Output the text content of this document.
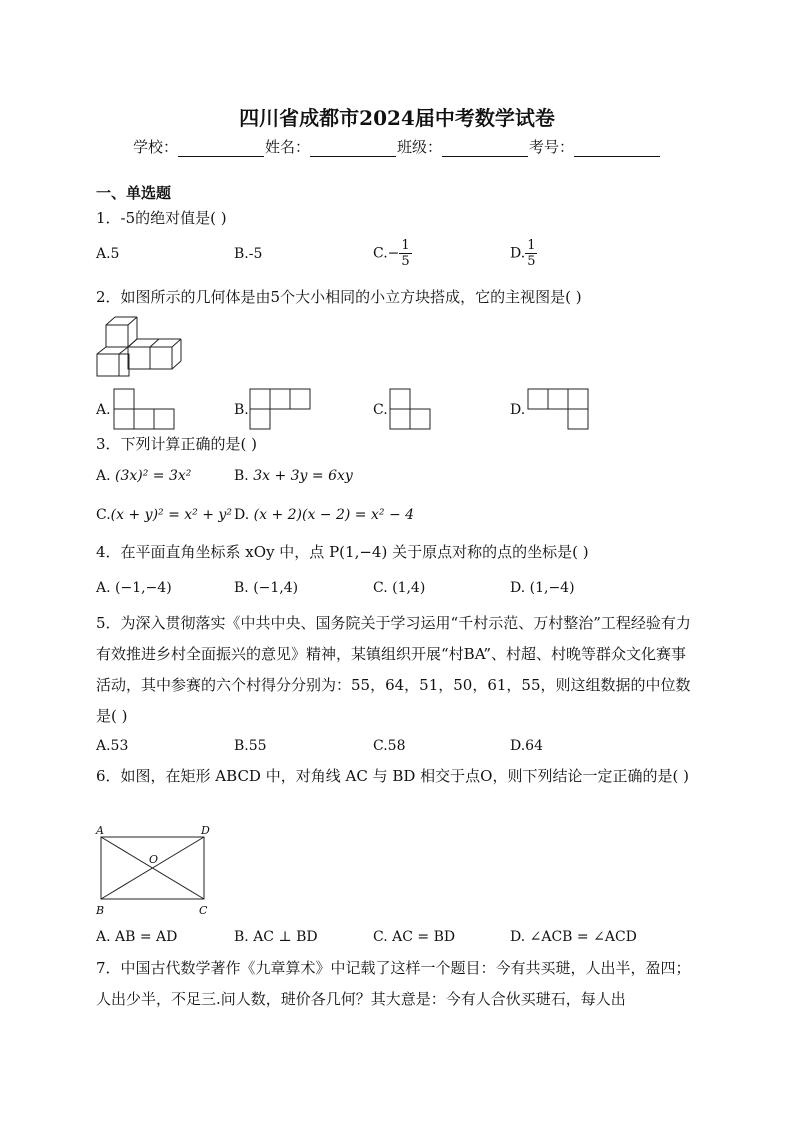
四川省成都市2024届中考数学试卷
学校：	姓名：	班级：	考号：
一、单选题
1．-5的绝对值是( )
A.5	B.-5	$C.- \frac{1}{5}$	D. $\frac{1}{5}$
2．如图所示的几何体是由5个大小相同的小立方块搭成，它的主视图是( )
A.	B.	C.	D.
3．下列计算正确的是( )
A. (3x)² = 3x²	B. 3x + 3y = 6xy
C.(x + y)² = x² + y² D. (x + 2)(x − 2) = x² − 4
4．在平面直角坐标系 xOy 中，点 P(1,−4) 关于原点对称的点的坐标是( )
A. (−1,−4)	B. (−1,4)	C. (1,4)	D. (1,−4)
5．为深入贯彻落实《中共中央、国务院关于学习运用“千村示范、万村整治”工程经验有力有效推进乡村全面振兴的意见》精神，某镇组织开展“村BA”、村超、村晚等群众文化赛事活动，其中参赛的六个村得分分别为：55，64，51，50，61，55，则这组数据的中位数是( )
A.53	B.55	C.58	D.64
6．如图，在矩形 ABCD 中，对角线 AC 与 BD 相交于点O，则下列结论一定正确的是( )
A	D
B	C
O
A. AB = AD	B. AC ⊥ BD	C. AC = BD	D. ∠ACB = ∠ACD
7．中国古代数学著作《九章算术》中记载了这样一个题目：今有共买琎，人出半，盈四；人出少半，不足三.问人数，琎价各几何？其大意是：今有人合伙买琎石，每人出
